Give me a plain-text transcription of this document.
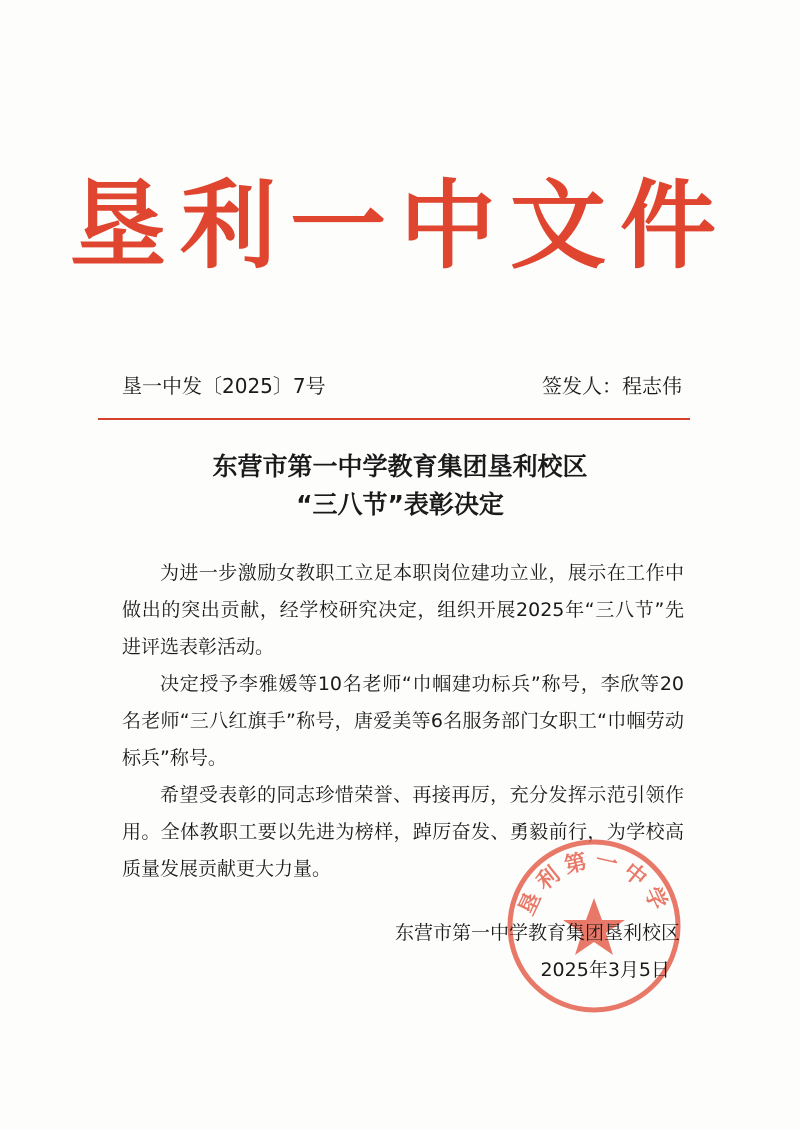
垦利一中文件
垦一中发〔2025〕7号	签发人：程志伟
东营市第一中学教育集团垦利校区
“三八节”表彰决定

为进一步激励女教职工立足本职岗位建功立业，展示在工作中做出的突出贡献，经学校研究决定，组织开展2025年“三八节”先进评选表彰活动。

决定授予李雅媛等10名老师“巾帼建功标兵”称号，李欣等20名老师“三八红旗手”称号，唐爱美等6名服务部门女职工“巾帼劳动标兵”称号。

希望受表彰的同志珍惜荣誉、再接再厉，充分发挥示范引领作用。全体教职工要以先进为榜样，踔厉奋发、勇毅前行，为学校高质量发展贡献更大力量。

垦利第一中学
东营市第一中学教育集团垦利校区
2025年3月5日
